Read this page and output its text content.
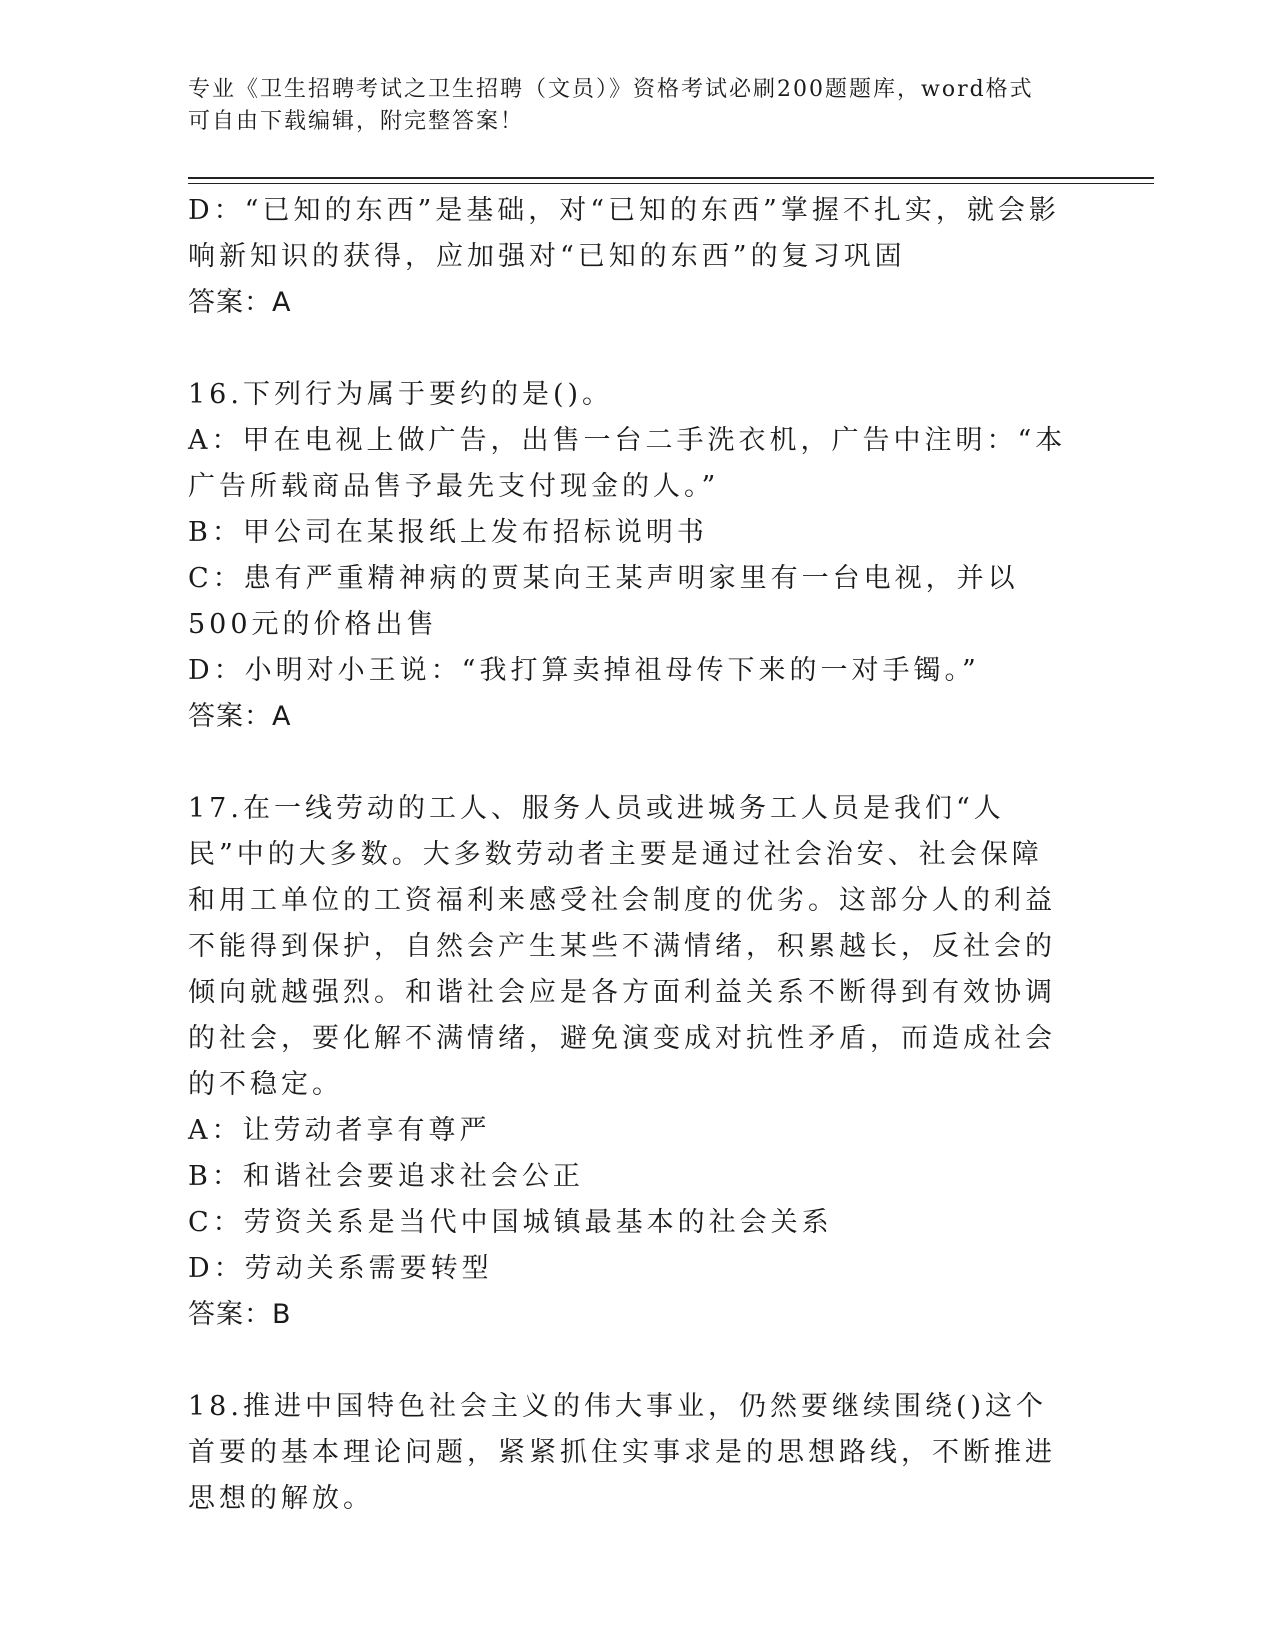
专业《卫生招聘考试之卫生招聘（文员）》资格考试必刷200题题库，word格式
可自由下载编辑，附完整答案！

D：“已知的东西”是基础，对“已知的东西”掌握不扎实，就会影响新知识的获得，应加强对“已知的东西”的复习巩固

答案：A

16.下列行为属于要约的是()。

A：甲在电视上做广告，出售一台二手洗衣机，广告中注明：“本广告所载商品售予最先支付现金的人。”

B：甲公司在某报纸上发布招标说明书

C：患有严重精神病的贾某向王某声明家里有一台电视，并以500元的价格出售

D：小明对小王说：“我打算卖掉祖母传下来的一对手镯。”

答案：A

17.在一线劳动的工人、服务人员或进城务工人员是我们“人民”中的大多数。大多数劳动者主要是通过社会治安、社会保障和用工单位的工资福利来感受社会制度的优劣。这部分人的利益不能得到保护，自然会产生某些不满情绪，积累越长，反社会的倾向就越强烈。和谐社会应是各方面利益关系不断得到有效协调的社会，要化解不满情绪，避免演变成对抗性矛盾，而造成社会的不稳定。

A：让劳动者享有尊严

B：和谐社会要追求社会公正

C：劳资关系是当代中国城镇最基本的社会关系

D：劳动关系需要转型

答案：B

18.推进中国特色社会主义的伟大事业，仍然要继续围绕()这个首要的基本理论问题，紧紧抓住实事求是的思想路线，不断推进思想的解放。
